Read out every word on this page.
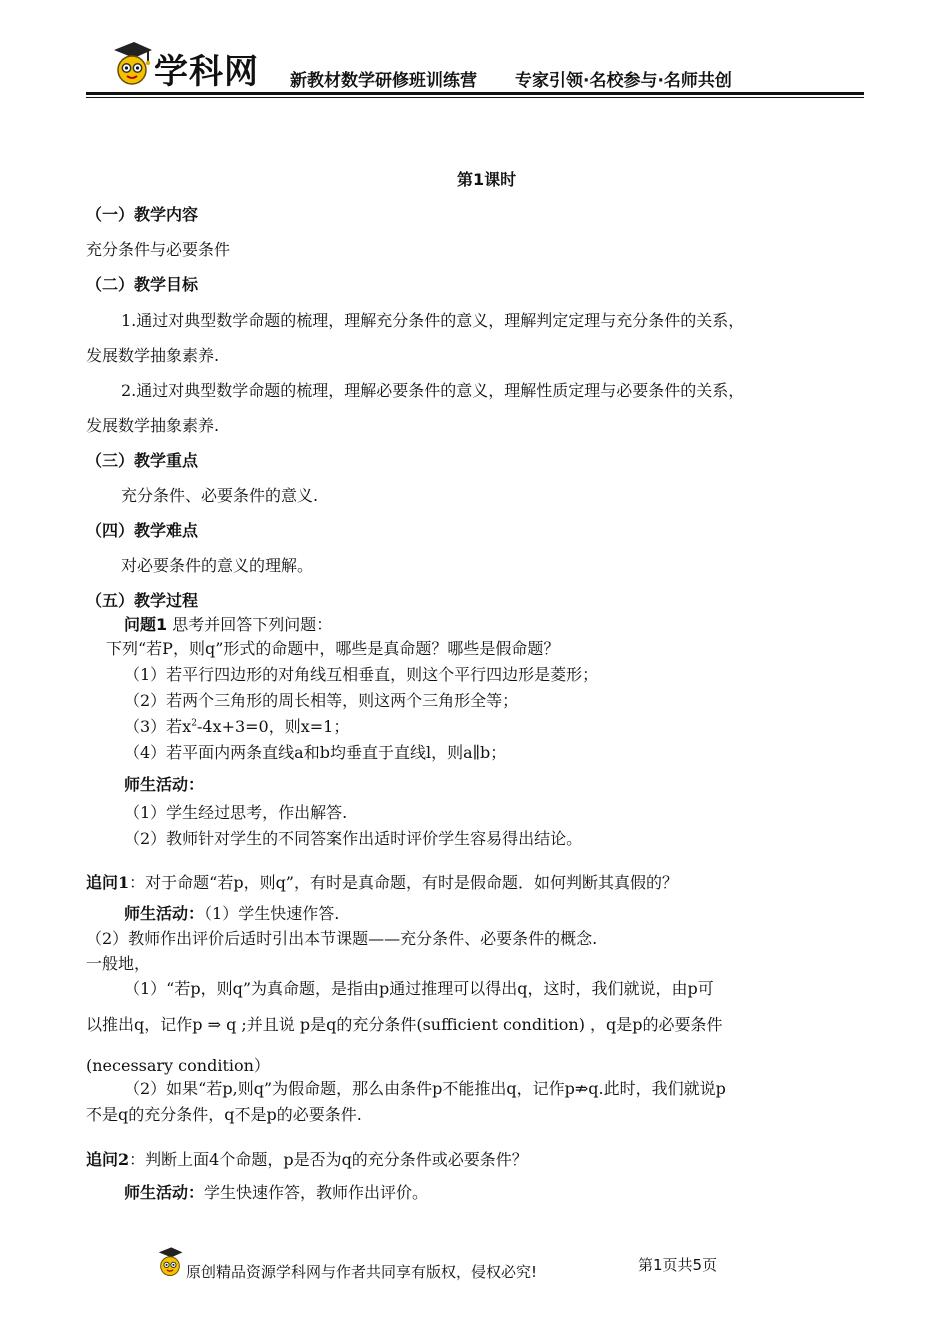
学科网 新教材数学研修班训练营 专家引领·名校参与·名师共创
第1课时
（一）教学内容
充分条件与必要条件
（二）教学目标
1.通过对典型数学命题的梳理，理解充分条件的意义，理解判定定理与充分条件的关系，
发展数学抽象素养.
2.通过对典型数学命题的梳理，理解必要条件的意义，理解性质定理与必要条件的关系，
发展数学抽象素养.
（三）教学重点
充分条件、必要条件的意义.
（四）教学难点
对必要条件的意义的理解。
（五）教学过程
问题1 思考并回答下列问题：
下列“若P，则q”形式的命题中，哪些是真命题？哪些是假命题？
（1）若平行四边形的对角线互相垂直，则这个平行四边形是菱形；
（2）若两个三角形的周长相等，则这两个三角形全等；
（3）若$x^2-4x+3=0$，则x=1；
（4）若平面内两条直线a和b均垂直于直线l，则a∥b；
师生活动：
（1）学生经过思考，作出解答.
（2）教师针对学生的不同答案作出适时评价学生容易得出结论。
追问1：对于命题“若p，则q”，有时是真命题，有时是假命题．如何判断其真假的？
师生活动：（1）学生快速作答.
（2）教师作出评价后适时引出本节课题——充分条件、必要条件的概念.
一般地，
（1）“若p，则q”为真命题，是指由p通过推理可以得出q，这时，我们就说，由p可
以推出q，记作p ⇒ q ;并且说 p是q的充分条件(sufficient condition) ，q是p的必要条件
(necessary condition）
（2）如果“若p,则q”为假命题，那么由条件p不能推出q，记作p⇏q.此时，我们就说p
不是q的充分条件，q不是p的必要条件.
追问2：判断上面4个命题，p是否为q的充分条件或必要条件？
师生活动：学生快速作答，教师作出评价。
原创精品资源学科网与作者共同享有版权，侵权必究!	第1页共5页
